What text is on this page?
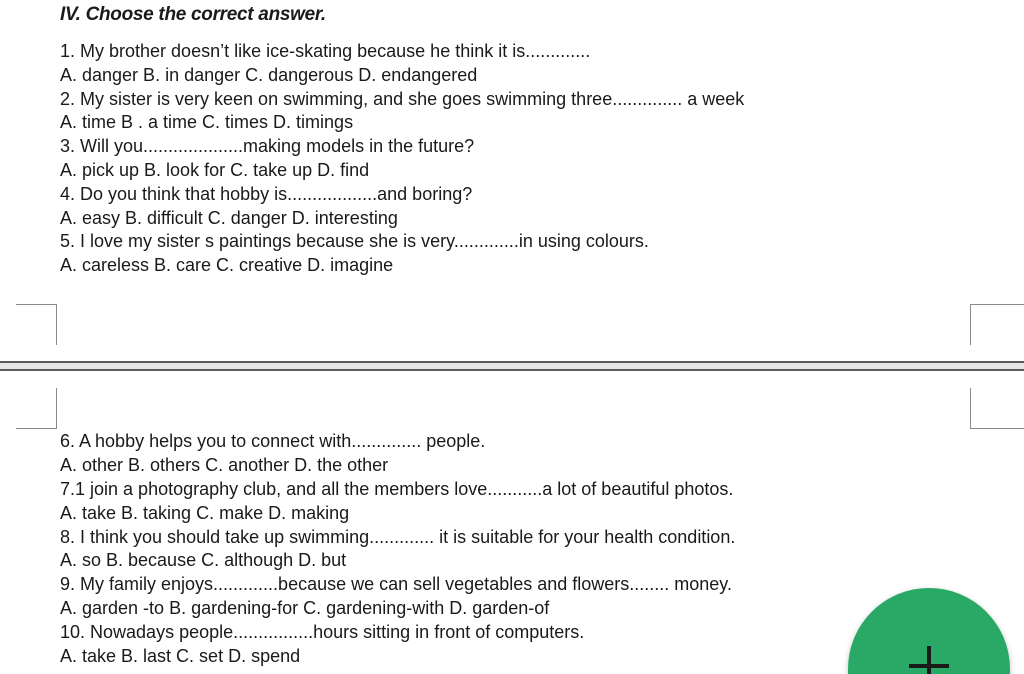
IV. Choose the correct answer.
1. My brother doesn’t like ice-skating because he think it is.............
A. danger B. in danger C. dangerous D. endangered
2. My sister is very keen on swimming, and she goes swimming three.............. a week
A. time B . a time C. times D. timings
3. Will you....................making models in the future?
A. pick up B. look for C. take up D. find
4. Do you think that hobby is..................and boring?
A. easy B. difficult C. danger D. interesting
5. I love my sister s paintings because she is very.............in using colours.
A. careless B. care C. creative D. imagine
6. A hobby helps you to connect with.............. people.
A. other B. others C. another D. the other
7.1 join a photography club, and all the members love...........a lot of beautiful photos.
A. take B. taking C. make D. making
8. I think you should take up swimming............. it is suitable for your health condition.
A. so B. because C. although D. but
9. My family enjoys.............because we can sell vegetables and flowers........ money.
A. garden -to B. gardening-for C. gardening-with D. garden-of
10. Nowadays people................hours sitting in front of computers.
A. take B. last C. set D. spend
